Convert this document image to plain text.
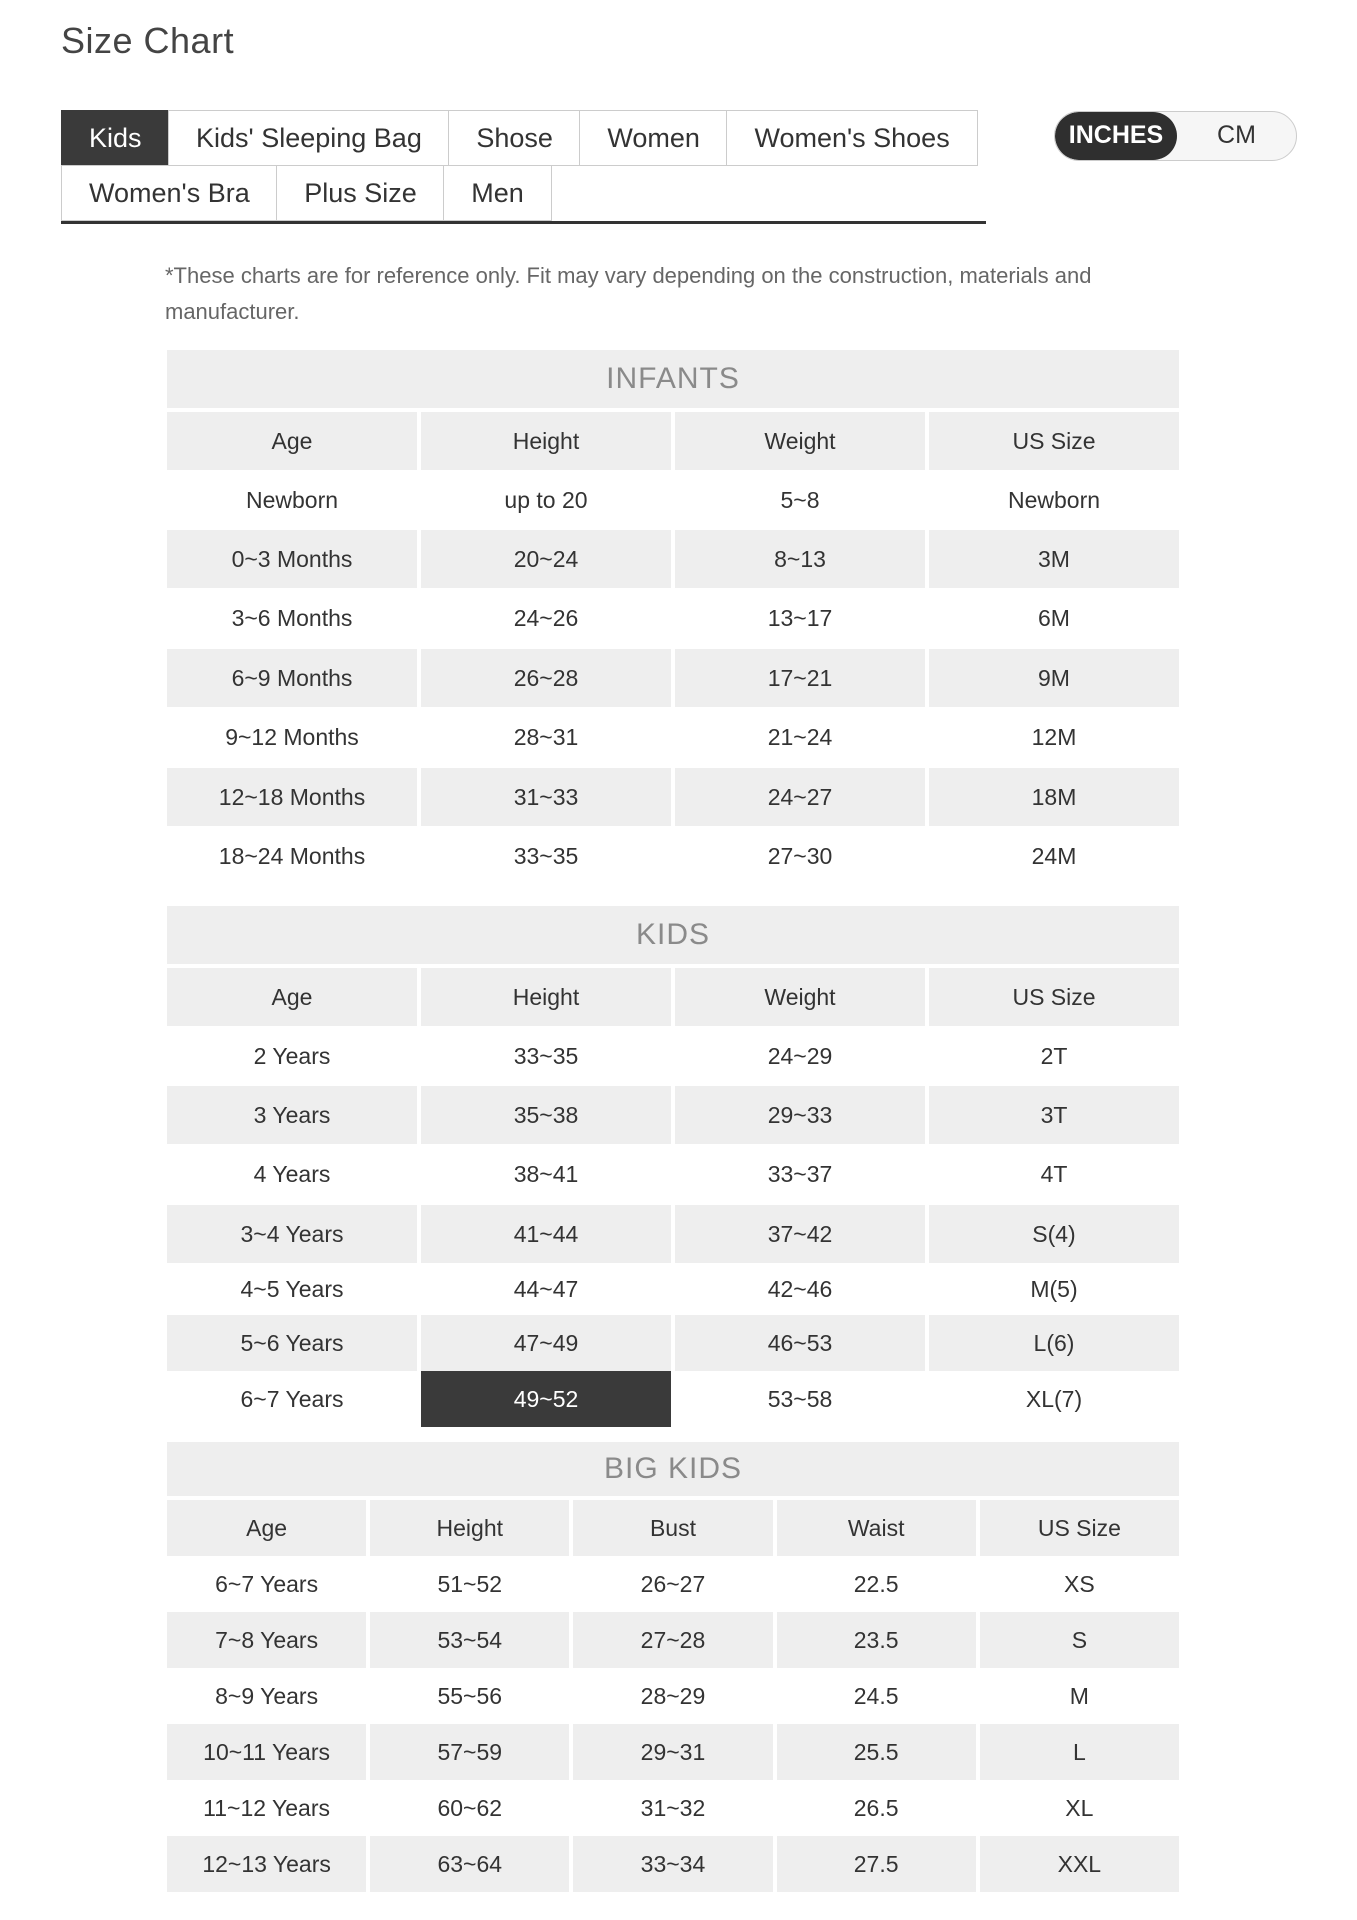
Size Chart
Kids	Kids' Sleeping Bag	Shose	Women	Women's Shoes
Women's Bra	Plus Size	Men
INCHES	CM
*These charts are for reference only. Fit may vary depending on the construction, materials and manufacturer.
INFANTS
Age	Height	Weight	US Size
Newborn	up to 20	5~8	Newborn
0~3 Months	20~24	8~13	3M
3~6 Months	24~26	13~17	6M
6~9 Months	26~28	17~21	9M
9~12 Months	28~31	21~24	12M
12~18 Months	31~33	24~27	18M
18~24 Months	33~35	27~30	24M
KIDS
Age	Height	Weight	US Size
2 Years	33~35	24~29	2T
3 Years	35~38	29~33	3T
4 Years	38~41	33~37	4T
3~4 Years	41~44	37~42	S(4)
4~5 Years	44~47	42~46	M(5)
5~6 Years	47~49	46~53	L(6)
6~7 Years	49~52	53~58	XL(7)
BIG KIDS
Age	Height	Bust	Waist	US Size
6~7 Years	51~52	26~27	22.5	XS
7~8 Years	53~54	27~28	23.5	S
8~9 Years	55~56	28~29	24.5	M
10~11 Years	57~59	29~31	25.5	L
11~12 Years	60~62	31~32	26.5	XL
12~13 Years	63~64	33~34	27.5	XXL
